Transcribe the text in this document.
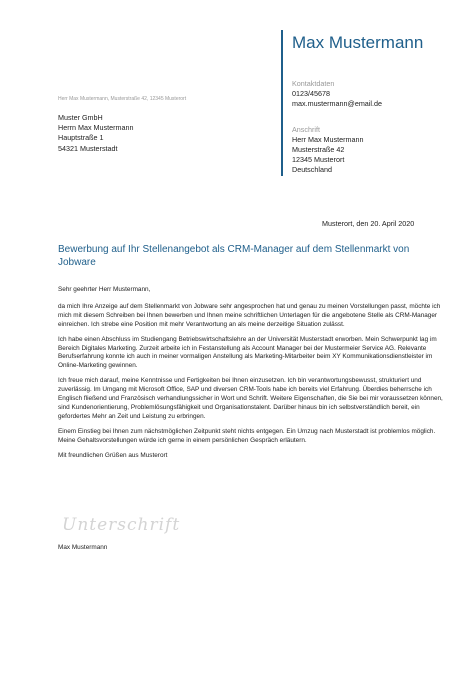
Max Mustermann
Kontaktdaten
0123/45678
max.mustermann@email.de
Anschrift
Herr Max Mustermann
Musterstraße 42
12345 Musterort
Deutschland
Herr Max Mustermann, Musterstraße 42, 12345 Musterort
Muster GmbH
Herrn Max Mustermann
Hauptstraße 1
54321 Musterstadt
Musterort, den 20. April 2020
Bewerbung auf Ihr Stellenangebot als CRM-Manager auf dem Stellenmarkt von Jobware

Sehr geehrter Herr Mustermann,

da mich Ihre Anzeige auf dem Stellenmarkt von Jobware sehr angesprochen hat und genau zu meinen Vorstellungen passt, möchte ich mich mit diesem Schreiben bei Ihnen bewerben und Ihnen meine schriftlichen Unterlagen für die angebotene Stelle als CRM-Manager einreichen. Ich strebe eine Position mit mehr Verantwortung an als meine derzeitige Situation zulässt.

Ich habe einen Abschluss im Studiengang Betriebswirtschaftslehre an der Universität Musterstadt erworben. Mein Schwerpunkt lag im Bereich Digitales Marketing. Zurzeit arbeite ich in Festanstellung als Account Manager bei der Mustermeier Service AG. Relevante Berufserfahrung konnte ich auch in meiner vormaligen Anstellung als Marketing-Mitarbeiter beim XY Kommunikationsdienstleister im Online-Marketing gewinnen.

Ich freue mich darauf, meine Kenntnisse und Fertigkeiten bei Ihnen einzusetzen. Ich bin verantwortungsbewusst, strukturiert und zuverlässig. Im Umgang mit Microsoft Office, SAP und diversen CRM-Tools habe ich bereits viel Erfahrung. Überdies beherrsche ich Englisch fließend und Französisch verhandlungssicher in Wort und Schrift. Weitere Eigenschaften, die Sie bei mir voraussetzen können, sind Kundenorientierung, Problemlösungsfähigkeit und Organisationstalent. Darüber hinaus bin ich selbstverständlich bereit, ein gefordertes Mehr an Zeit und Leistung zu erbringen.

Einem Einstieg bei Ihnen zum nächstmöglichen Zeitpunkt steht nichts entgegen. Ein Umzug nach Musterstadt ist problemlos möglich. Meine Gehaltsvorstellungen würde ich gerne in einem persönlichen Gespräch erläutern.

Mit freundlichen Grüßen aus Musterort

Unterschrift
Max Mustermann
